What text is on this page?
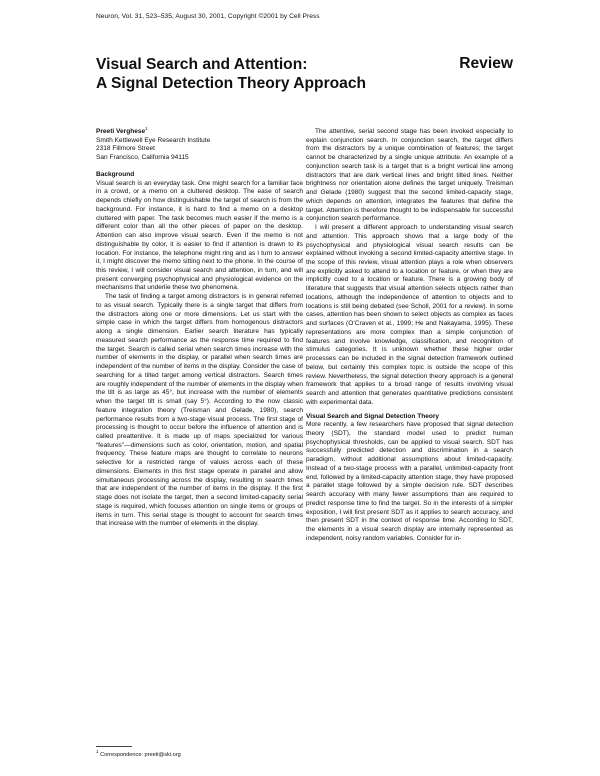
Neuron, Vol. 31, 523–535, August 30, 2001, Copyright ©2001 by Cell Press
Visual Search and Attention:
A Signal Detection Theory Approach
Review
Preeti Verghese$^1$
Smith Kettlewell Eye Research Institute
2318 Fillmore Street
San Francisco, California 94115
Background

Visual search is an everyday task. One might search for a familiar face in a crowd, or a memo on a cluttered desktop. The ease of search depends chiefly on how distinguishable the target of search is from the background. For instance, it is hard to find a memo on a desktop cluttered with paper. The task becomes much easier if the memo is a different color than all the other pieces of paper on the desktop. Attention can also improve visual search. Even if the memo is not distinguishable by color, it is easier to find if attention is drawn to its location. For instance, the telephone might ring and as I turn to answer it, I might discover the memo sitting next to the phone. In the course of this review, I will consider visual search and attention, in turn, and will present converging psychophysical and physiological evidence on the mechanisms that underlie these two phenomena.

The task of finding a target among distractors is in general referred to as visual search. Typically there is a single target that differs from the distractors along one or more dimensions. Let us start with the simple case in which the target differs from homogenous distractors along a single dimension. Earlier search literature has typically measured search performance as the response time required to find the target. Search is called serial when search times increase with the number of elements in the display, or parallel when search times are independent of the number of items in the display. Consider the case of searching for a tilted target among vertical distractors. Search times are roughly independent of the number of elements in the display when the tilt is as large as 45°, but increase with the number of elements when the target tilt is small (say 5°). According to the now classic feature integration theory (Treisman and Gelade, 1980), search performance results from a two-stage visual process. The first stage of processing is thought to occur before the influence of attention and is called preattentive. It is made up of maps specialized for various “features”—dimensions such as color, orientation, motion, and spatial frequency. These feature maps are thought to correlate to neurons selective for a restricted range of values across each of these dimensions. Elements in this first stage operate in parallel and allow simultaneous processing across the display, resulting in search times that are independent of the number of items in the display. If the first stage does not isolate the target, then a second limited-capacity serial stage is required, which focuses attention on single items or groups of items in turn. This serial stage is thought to account for search times that increase with the number of elements in the display.

The attentive, serial second stage has been invoked especially to explain conjunction search. In conjunction search, the target differs from the distractors by a unique combination of features; the target cannot be characterized by a single unique attribute. An example of a conjunction search task is a target that is a bright vertical line among distractors that are dark vertical lines and bright tilted lines. Neither brightness nor orientation alone defines the target uniquely. Treisman and Gelade (1980) suggest that the second limited-capacity stage, which depends on attention, integrates the features that define the target. Attention is therefore thought to be indispensable for successful conjunction search performance.

I will present a different approach to understanding visual search and attention. This approach shows that a large body of the psychophysical and physiological visual search results can be explained without invoking a second limited-capacity attentive stage. In the scope of this review, visual attention plays a role when observers are explicitly asked to attend to a location or feature, or when they are implicitly cued to a location or feature. There is a growing body of literature that suggests that visual attention selects objects rather than locations, although the independence of attention to objects and to locations is still being debated (see Scholl, 2001 for a review). In some cases, attention has been shown to select objects as complex as faces and surfaces (O’Craven et al., 1999; He and Nakayama, 1995). These representations are more complex than a simple conjunction of features and involve knowledge, classification, and recognition of stimulus categories. It is unknown whether these higher order processes can be included in the signal detection framework outlined below, but certainly this complex topic is outside the scope of this review. Nevertheless, the signal detection theory approach is a general framework that applies to a broad range of results involving visual search and attention that generates quantitative predictions consistent with experimental data.

Visual Search and Signal Detection Theory

More recently, a few researchers have proposed that signal detection theory (SDT), the standard model used to predict human psychophysical thresholds, can be applied to visual search. SDT has successfully predicted detection and discrimination in a search paradigm, without additional assumptions about limited-capacity. Instead of a two-stage process with a parallel, unlimited-capacity front end, followed by a limited-capacity attention stage, they have proposed a parallel stage followed by a simple decision rule. SDT describes search accuracy with many fewer assumptions than are required to predict response time to find the target. So in the interests of a simpler exposition, I will first present SDT as it applies to search accuracy, and then present SDT in the context of response time. According to SDT, the elements in a visual search display are internally represented as independent, noisy random variables. Consider for in-

$^1$ Correspondence: preeti@ski.org
